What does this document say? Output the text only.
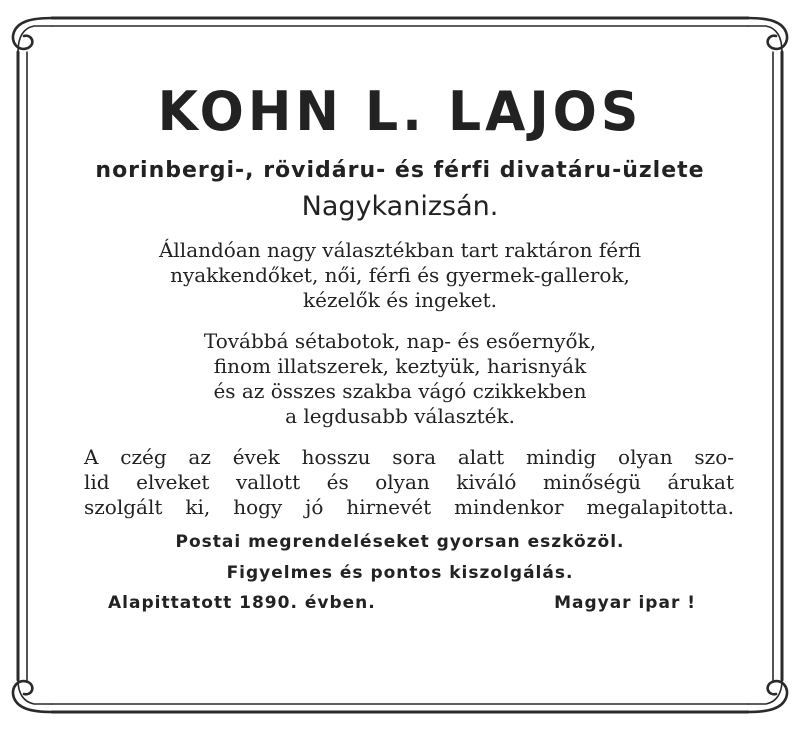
KOHN L. LAJOS
norinbergi-, rövidáru- és férfi divatáru-üzlete
Nagykanizsán.
Állandóan nagy választékban tart raktáron férfi
nyakkendőket, női, férfi és gyermek-gallerok,
kézelők és ingeket.
Továbbá sétabotok, nap- és esőernyők,
finom illatszerek, keztyük, harisnyák
és az összes szakba vágó czikkekben
a legdusabb választék.
A czég az évek hosszu sora alatt mindig olyan szo-
lid elveket vallott és olyan kiváló minőségü árukat
szolgált ki, hogy jó hirnevét mindenkor megalapitotta.
Postai megrendeléseket gyorsan eszközöl.
Figyelmes és pontos kiszolgálás.
Alapittatott 1890. évben.	Magyar ipar !
